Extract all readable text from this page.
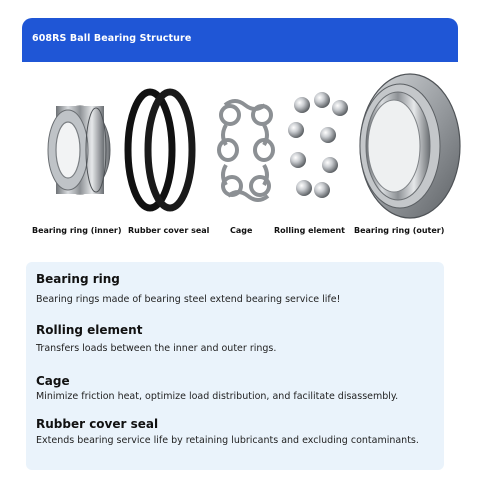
608RS Ball Bearing Structure
Bearing ring (inner) Rubber cover seal	Cage	Rolling element Bearing ring (outer)
Bearing ring
Bearing rings made of bearing steel extend bearing service life!
Rolling element
Transfers loads between the inner and outer rings.
Cage
Minimize friction heat, optimize load distribution, and facilitate disassembly.
Rubber cover seal
Extends bearing service life by retaining lubricants and excluding contaminants.
